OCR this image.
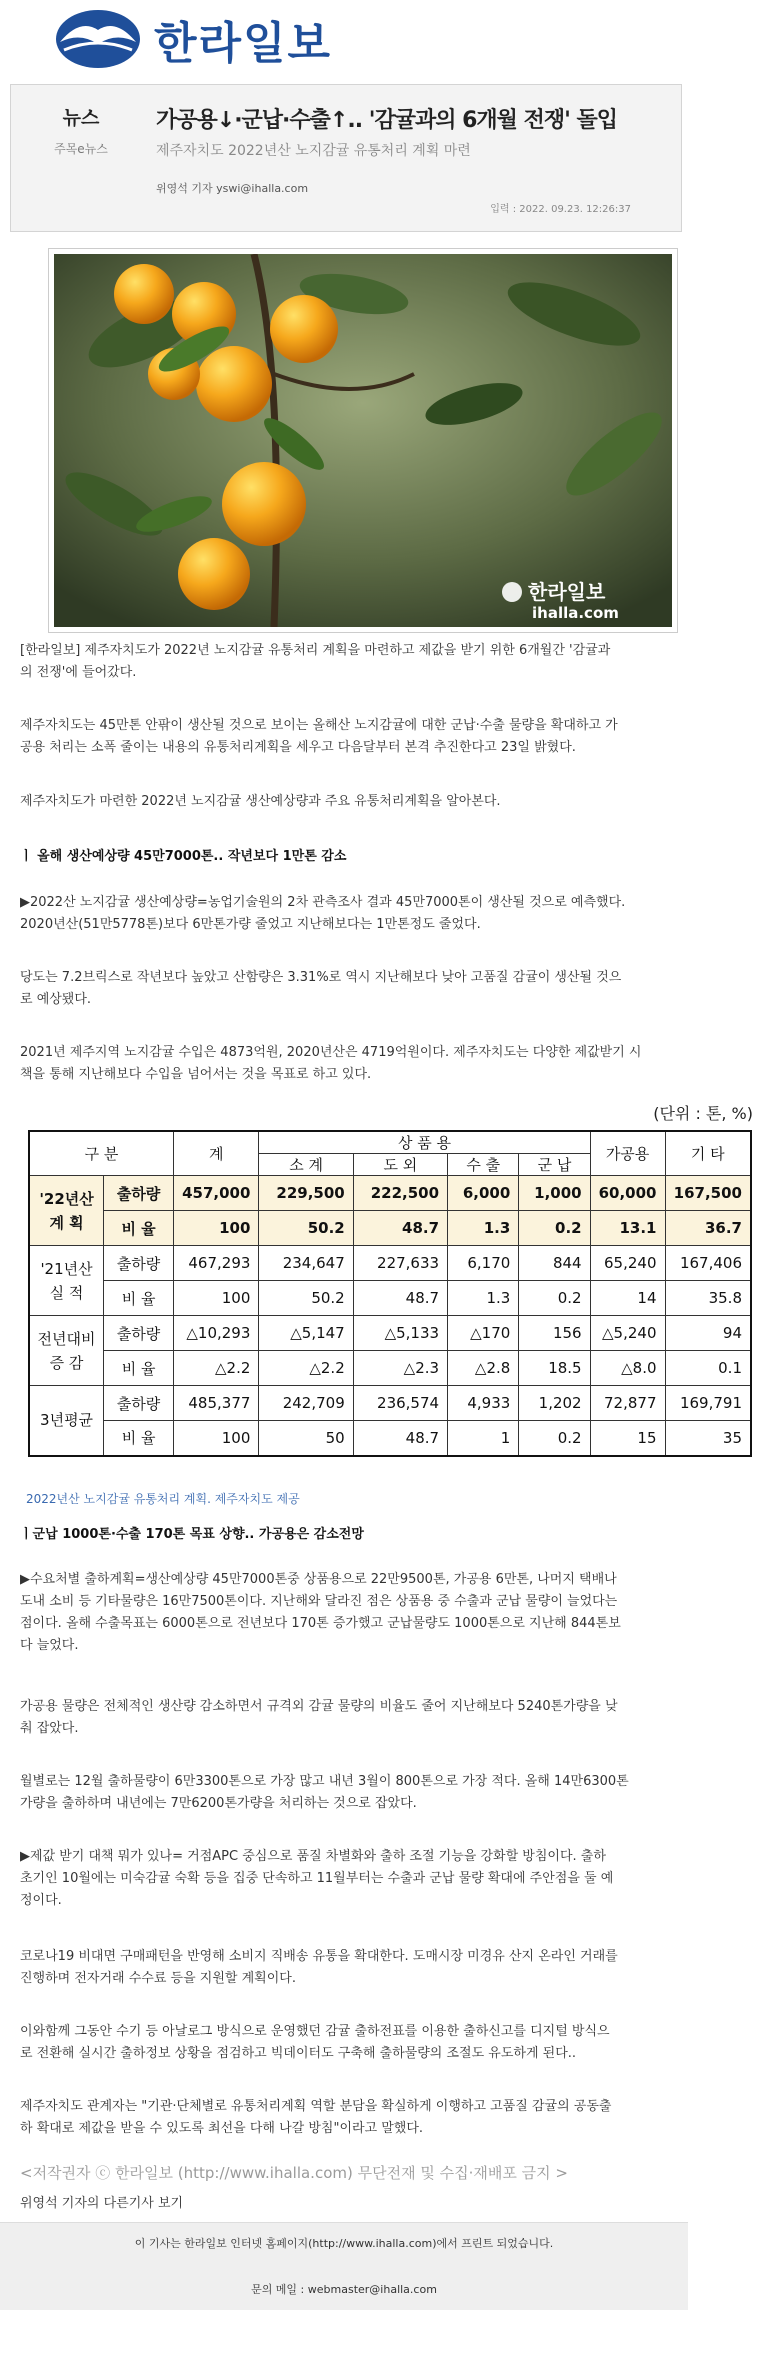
한라일보
뉴스
주목e뉴스
가공용↓·군납·수출↑.. '감귤과의 6개월 전쟁' 돌입
제주자치도 2022년산 노지감귤 유통처리 계획 마련
위영석 기자 yswi@ihalla.com
입력 : 2022. 09.23. 12:26:37
한라일보
ihalla.com
[한라일보] 제주자치도가 2022년 노지감귤 유통처리 계획을 마련하고 제값을 받기 위한 6개월간 '감귤과
의 전쟁'에 들어갔다.
제주자치도는 45만톤 안팎이 생산될 것으로 보이는 올해산 노지감귤에 대한 군납·수출 물량을 확대하고 가
공용 처리는 소폭 줄이는 내용의 유통처리계획을 세우고 다음달부터 본격 추진한다고 23일 밝혔다.
제주자치도가 마련한 2022년 노지감귤 생산예상량과 주요 유통처리계획을 알아본다.
ㅣ 올해 생산예상량 45만7000톤.. 작년보다 1만톤 감소
▶2022산 노지감귤 생산예상량=농업기술원의 2차 관측조사 결과 45만7000톤이 생산될 것으로 예측했다.
2020년산(51만5778톤)보다 6만톤가량 줄었고 지난해보다는 1만톤정도 줄었다.
당도는 7.2브릭스로 작년보다 높았고 산함량은 3.31%로 역시 지난해보다 낮아 고품질 감귤이 생산될 것으
로 예상됐다.
2021년 제주지역 노지감귤 수입은 4873억원, 2020년산은 4719억원이다. 제주자치도는 다양한 제값받기 시
책을 통해 지난해보다 수입을 넘어서는 것을 목표로 하고 있다.
(단위 : 톤, %)
구 분		계	상 품 용				가공용	기 타
			소 계	도 외	수 출	군 납		
'22년산
계 획	출하량	457,000	229,500	222,500	6,000	1,000	60,000	167,500
	비 율	100	50.2	48.7	1.3	0.2	13.1	36.7
'21년산
실 적	출하량	467,293	234,647	227,633	6,170	844	65,240	167,406
	비 율	100	50.2	48.7	1.3	0.2	14	35.8
전년대비
증 감	출하량	△10,293	△5,147	△5,133	△170	156	△5,240	94
	비 율	△2.2	△2.2	△2.3	△2.8	18.5	△8.0	0.1
3년평균	출하량	485,377	242,709	236,574	4,933	1,202	72,877	169,791
	비 율	100	50	48.7	1	0.2	15	35
2022년산 노지감귤 유통처리 계획. 제주자치도 제공
ㅣ군납 1000톤·수출 170톤 목표 상향.. 가공용은 감소전망
▶수요처별 출하계획=생산예상량 45만7000톤중 상품용으로 22만9500톤, 가공용 6만톤, 나머지 택배나
도내 소비 등 기타물량은 16만7500톤이다. 지난해와 달라진 점은 상품용 중 수출과 군납 물량이 늘었다는
점이다. 올해 수출목표는 6000톤으로 전년보다 170톤 증가했고 군납물량도 1000톤으로 지난해 844톤보
다 늘었다.
가공용 물량은 전체적인 생산량 감소하면서 규격외 감귤 물량의 비율도 줄어 지난해보다 5240톤가량을 낮
춰 잡았다.
월별로는 12월 출하물량이 6만3300톤으로 가장 많고 내년 3월이 800톤으로 가장 적다. 올해 14만6300톤
가량을 출하하며 내년에는 7만6200톤가량을 처리하는 것으로 잡았다.
▶제값 받기 대책 뭐가 있나= 거점APC 중심으로 품질 차별화와 출하 조절 기능을 강화할 방침이다. 출하
초기인 10월에는 미숙감귤 숙확 등을 집중 단속하고 11월부터는 수출과 군납 물량 확대에 주안점을 둘 예
정이다.
코로나19 비대면 구매패턴을 반영해 소비지 직배송 유통을 확대한다. 도매시장 미경유 산지 온라인 거래를
진행하며 전자거래 수수료 등을 지원할 계획이다.
이와함께 그동안 수기 등 아날로그 방식으로 운영했던 감귤 출하전표를 이용한 출하신고를 디지털 방식으
로 전환해 실시간 출하정보 상황을 점검하고 빅데이터도 구축해 출하물량의 조절도 유도하게 된다..
제주자치도 관계자는 "기관·단체별로 유통처리계획 역할 분담을 확실하게 이행하고 고품질 감귤의 공동출
하 확대로 제값을 받을 수 있도록 최선을 다해 나갈 방침"이라고 말했다.
<저작권자 ⓒ 한라일보 (http://www.ihalla.com) 무단전재 및 수집·재배포 금지 >
위영석 기자의 다른기사 보기
이 기사는 한라일보 인터넷 홈페이지(http://www.ihalla.com)에서 프린트 되었습니다.
문의 메일 : webmaster@ihalla.com
